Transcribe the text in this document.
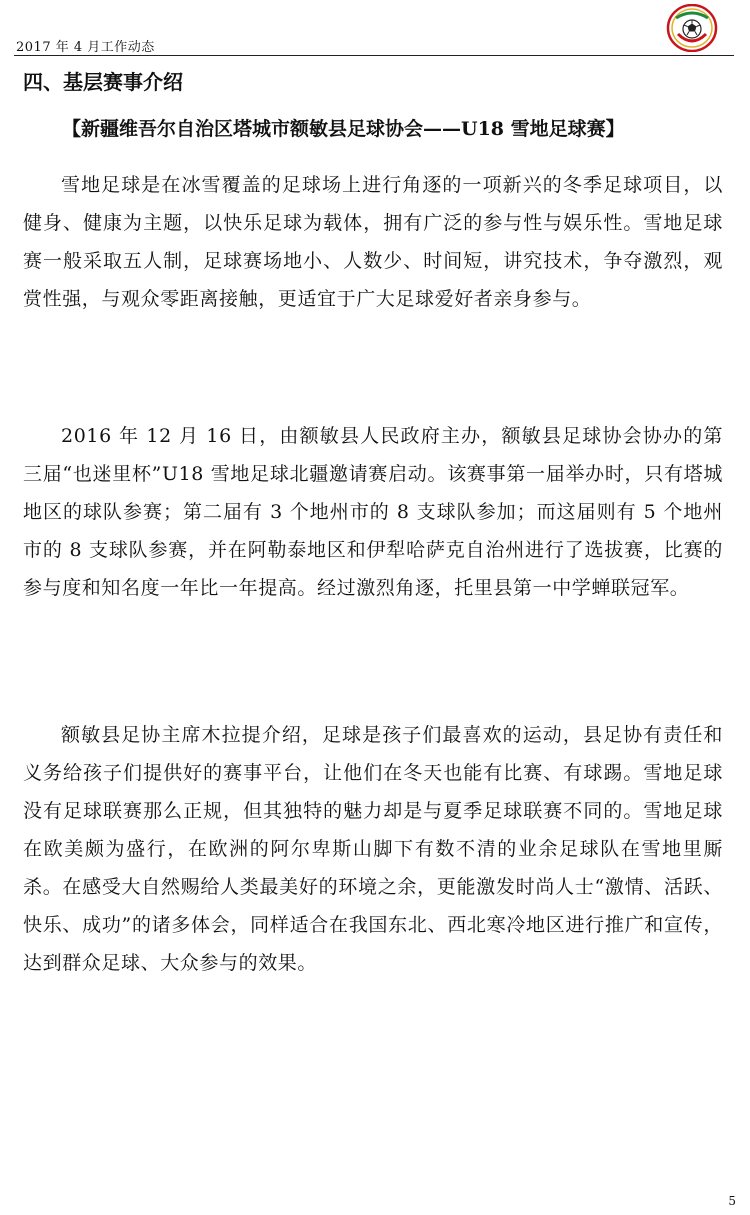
2017 年 4 月工作动态
四、基层赛事介绍
【新疆维吾尔自治区塔城市额敏县足球协会——U18 雪地足球赛】

雪地足球是在冰雪覆盖的足球场上进行角逐的一项新兴的冬季足球项目，以健身、健康为主题，以快乐足球为载体，拥有广泛的参与性与娱乐性。雪地足球赛一般采取五人制，足球赛场地小、人数少、时间短，讲究技术，争夺激烈，观赏性强，与观众零距离接触，更适宜于广大足球爱好者亲身参与。

2016 年 12 月 16 日，由额敏县人民政府主办，额敏县足球协会协办的第三届“也迷里杯”U18 雪地足球北疆邀请赛启动。该赛事第一届举办时，只有塔城地区的球队参赛；第二届有 3 个地州市的 8 支球队参加；而这届则有 5 个地州市的 8 支球队参赛，并在阿勒泰地区和伊犁哈萨克自治州进行了选拔赛，比赛的参与度和知名度一年比一年提高。经过激烈角逐，托里县第一中学蝉联冠军。

额敏县足协主席木拉提介绍，足球是孩子们最喜欢的运动，县足协有责任和义务给孩子们提供好的赛事平台，让他们在冬天也能有比赛、有球踢。雪地足球没有足球联赛那么正规，但其独特的魅力却是与夏季足球联赛不同的。雪地足球在欧美颇为盛行，在欧洲的阿尔卑斯山脚下有数不清的业余足球队在雪地里厮杀。在感受大自然赐给人类最美好的环境之余，更能激发时尚人士“激情、活跃、快乐、成功”的诸多体会，同样适合在我国东北、西北寒冷地区进行推广和宣传，达到群众足球、大众参与的效果。

5
